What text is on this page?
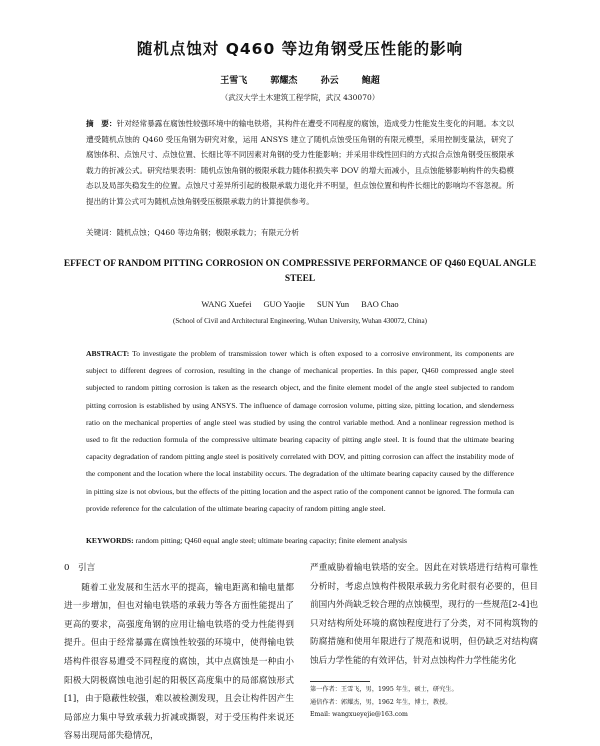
随机点蚀对 Q460 等边角钢受压性能的影响
王雪飞	郭耀杰	孙云	鲍超
（武汉大学土木建筑工程学院，武汉 430070）
摘　要：针对经常暴露在腐蚀性较强环境中的输电铁塔，其构件在遭受不同程度的腐蚀，造成受力性能发生变化的问题。本文以遭受随机点蚀的 Q460 受压角钢为研究对象，运用 ANSYS 建立了随机点蚀受压角钢的有限元模型，采用控制变量法，研究了腐蚀体积、点蚀尺寸、点蚀位置、长细比等不同因素对角钢的受力性能影响；并采用非线性回归的方式拟合点蚀角钢受压极限承载力的折减公式。研究结果表明：随机点蚀角钢的极限承载力随体积损失率 DOV 的增大而减小，且点蚀能够影响构件的失稳模态以及局部失稳发生的位置。点蚀尺寸差异所引起的极限承载力退化并不明显，但点蚀位置和构件长细比的影响均不容忽视。所提出的计算公式可为随机点蚀角钢受压极限承载力的计算提供参考。
关键词：随机点蚀；Q460 等边角钢；极限承载力；有限元分析
EFFECT OF RANDOM PITTING CORROSION ON COMPRESSIVE PERFORMANCE OF Q460 EQUAL ANGLE STEEL
WANG Xuefei GUO Yaojie SUN Yun BAO Chao
(School of Civil and Architectural Engineering, Wuhan University, Wuhan 430072, China)
ABSTRACT: To investigate the problem of transmission tower which is often exposed to a corrosive environment, its components are subject to different degrees of corrosion, resulting in the change of mechanical properties. In this paper, Q460 compressed angle steel subjected to random pitting corrosion is taken as the research object, and the finite element model of the angle steel subjected to random pitting corrosion is established by using ANSYS. The influence of damage corrosion volume, pitting size, pitting location, and slenderness ratio on the mechanical properties of angle steel was studied by using the control variable method. And a nonlinear regression method is used to fit the reduction formula of the compressive ultimate bearing capacity of pitting angle steel. It is found that the ultimate bearing capacity degradation of random pitting angle steel is positively correlated with DOV, and pitting corrosion can affect the instability mode of the component and the location where the local instability occurs. The degradation of the ultimate bearing capacity caused by the difference in pitting size is not obvious, but the effects of the pitting location and the aspect ratio of the component cannot be ignored. The formula can provide reference for the calculation of the ultimate bearing capacity of random pitting angle steel.
KEYWORDS: random pitting; Q460 equal angle steel; ultimate bearing capacity; finite element analysis
0　引言
随着工业发展和生活水平的提高，输电距离和输电量都进一步增加，但也对输电铁塔的承载力等各方面性能提出了更高的要求，高强度角钢的应用让输电铁塔的受力性能得到提升。但由于经常暴露在腐蚀性较强的环境中，使得输电铁塔构件很容易遭受不同程度的腐蚀，其中点腐蚀是一种由小阳极大阴极腐蚀电池引起的阳极区高度集中的局部腐蚀形式[1]，由于隐蔽性较强，难以被检测发现，且会让构件因产生局部应力集中导致承载力折减或撕裂，对于受压构件来说还容易出现局部失稳情况，
严重威胁着输电铁塔的安全。因此在对铁塔进行结构可靠性分析时，考虑点蚀构件极限承载力劣化时很有必要的，但目前国内外尚缺乏较合理的点蚀模型，现行的一些规范[2-4]也只对结构所处环境的腐蚀程度进行了分类，对不同构筑物的防腐措施和使用年限进行了规范和说明，但仍缺乏对结构腐蚀后力学性能的有效评估，针对点蚀构件力学性能劣化
第一作者：王雪飞，男，1995 年生，硕士，研究生。
通信作者：郭耀杰，男，1962 年生，博士，教授。
Email: wangxueyejie@163.com
